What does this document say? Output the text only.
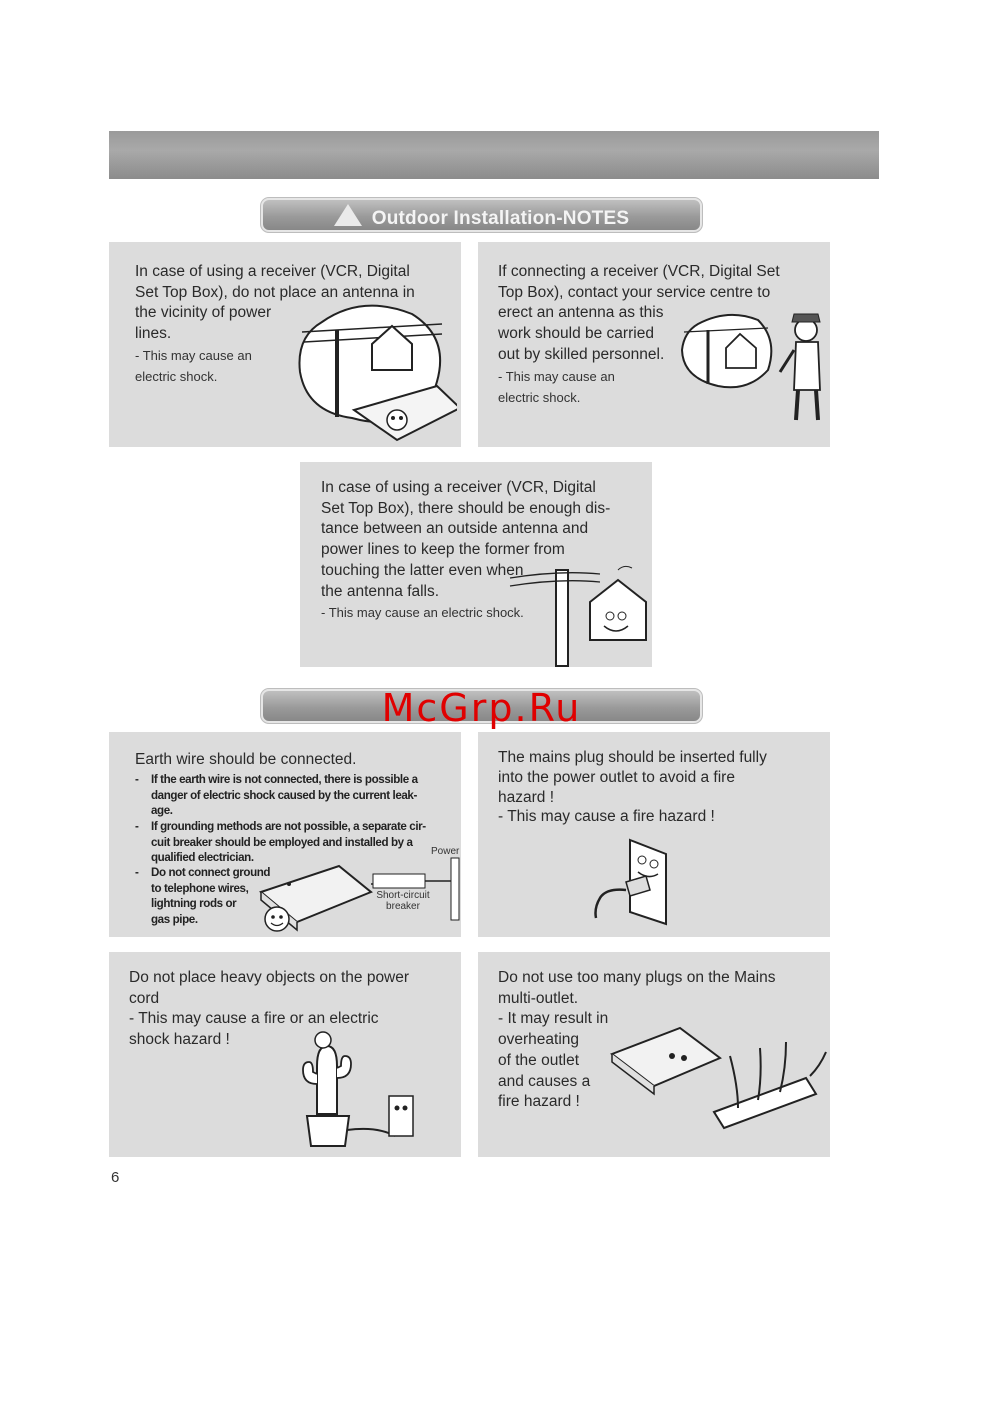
Outdoor Installation-NOTES
In case of using a receiver (VCR, Digital
Set Top Box), do not place an antenna in
the vicinity of power
lines.
- This may cause an
electric shock.
If connecting a receiver (VCR, Digital Set
Top Box), contact your service centre to
erect an antenna as this
work should be carried
out by skilled personnel.
- This may cause an
electric shock.
In case of using a receiver (VCR, Digital
Set Top Box), there should be enough dis-
tance between an outside antenna and
power lines to keep the former from
touching the latter even when
the antenna falls.
- This may cause an electric shock.
McGrp.Ru
Earth wire should be connected.
-	If the earth wire is not connected, there is possible a
danger of electric shock caused by the current leak-
age.
-	If grounding methods are not possible, a separate cir-
cuit breaker should be employed and installed by a
qualified electrician.
-	Do not connect ground
to telephone wires,
lightning rods or
gas pipe.
Power
Short-circuit
breaker
The mains plug should be inserted fully
into the power outlet to avoid a fire
hazard !
- This may cause a fire hazard !
Do not place heavy objects on the power
cord
- This may cause a fire or an electric
shock hazard !
Do not use too many plugs on the Mains
multi-outlet.
- It may result in
overheating
of the outlet
and causes a
fire hazard !
6
